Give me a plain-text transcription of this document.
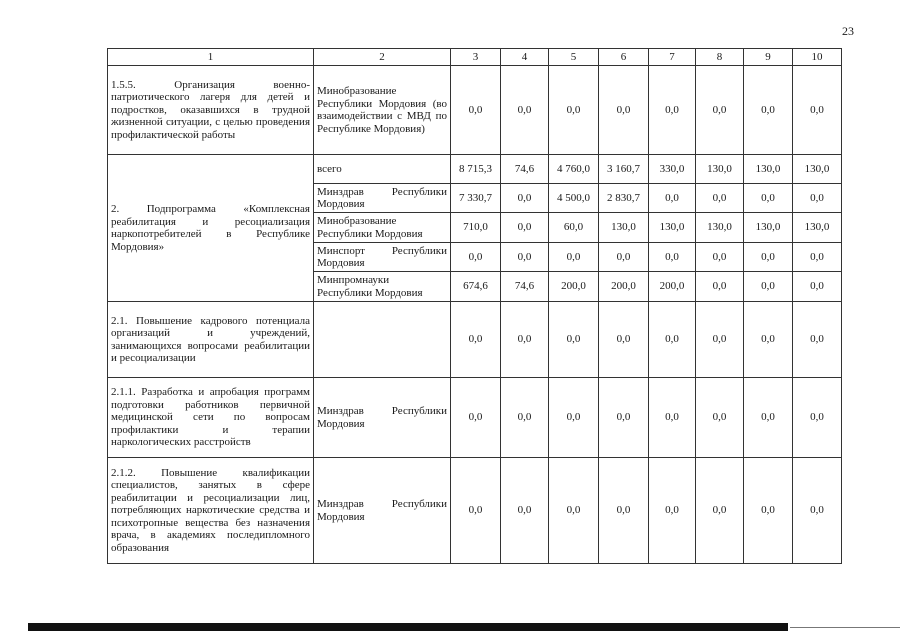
23
1	2	3	4	5	6	7	8	9	10
1.5.5. Организация военно-патриотического лагеря для детей и подростков, оказавшихся в трудной жизненной ситуации, с целью проведения профилактической работы	Минобразование Республики Мордовия (во взаимодействии с МВД по Республике Мордовия)	0,0	0,0	0,0	0,0	0,0	0,0	0,0	0,0
2. Подпрограмма «Комплексная реабилитация и ресоциализация наркопотребителей в Республике Мордовия»	всего	8 715,3	74,6	4 760,0	3 160,7	330,0	130,0	130,0	130,0
	Минздрав Республики Мордовия	7 330,7	0,0	4 500,0	2 830,7	0,0	0,0	0,0	0,0
	Минобразование Республики Мордовия	710,0	0,0	60,0	130,0	130,0	130,0	130,0	130,0
	Минспорт Республики Мордовия	0,0	0,0	0,0	0,0	0,0	0,0	0,0	0,0
	Минпромнауки Республики Мордовия	674,6	74,6	200,0	200,0	200,0	0,0	0,0	0,0
2.1. Повышение кадрового потенциала организаций и учреждений, занимающихся вопросами реабилитации и ресоциализации		0,0	0,0	0,0	0,0	0,0	0,0	0,0	0,0
2.1.1. Разработка и апробация программ подготовки работников первичной медицинской сети по вопросам профилактики и терапии наркологических расстройств	Минздрав Республики Мордовия	0,0	0,0	0,0	0,0	0,0	0,0	0,0	0,0
2.1.2. Повышение квалификации специалистов, занятых в сфере реабилитации и ресоциализации лиц, потребляющих наркотические средства и психотропные вещества без назначения врача, в академиях последипломного образования	Минздрав Республики Мордовия	0,0	0,0	0,0	0,0	0,0	0,0	0,0	0,0
